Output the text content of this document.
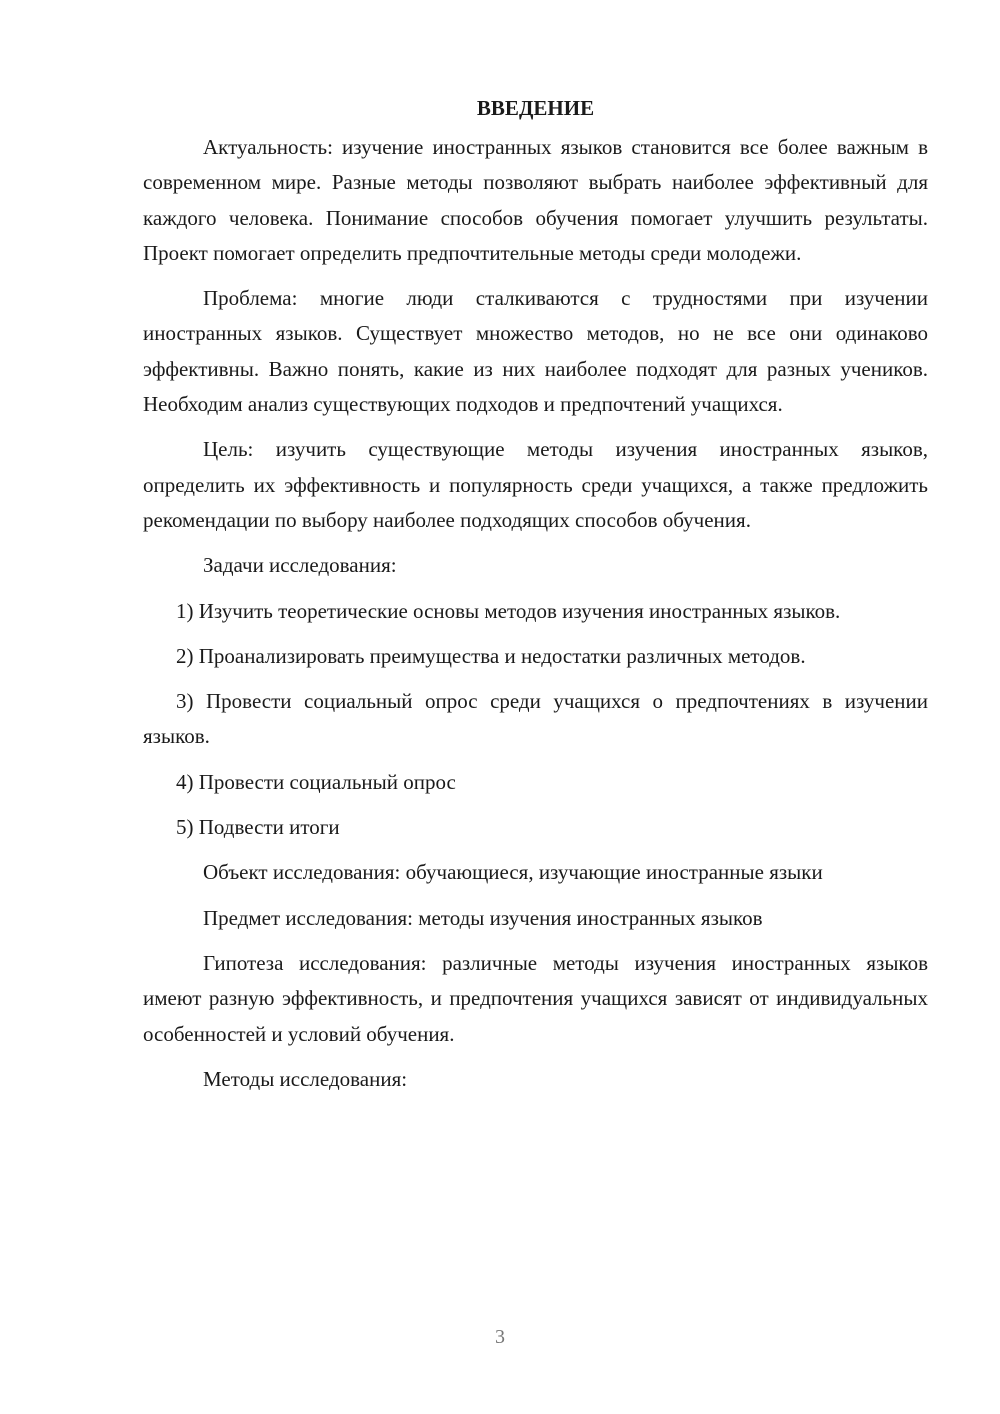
ВВЕДЕНИЕ

Актуальность: изучение иностранных языков становится все более важным в современном мире. Разные методы позволяют выбрать наиболее эффективный для каждого человека. Понимание способов обучения помогает улучшить результаты. Проект помогает определить предпочтительные методы среди молодежи.

Проблема: многие люди сталкиваются с трудностями при изучении иностранных языков. Существует множество методов, но не все они одинаково эффективны. Важно понять, какие из них наиболее подходят для разных учеников. Необходим анализ существующих подходов и предпочтений учащихся.

Цель: изучить существующие методы изучения иностранных языков, определить их эффективность и популярность среди учащихся, а также предложить рекомендации по выбору наиболее подходящих способов обучения.

Задачи исследования:

1) Изучить теоретические основы методов изучения иностранных языков.

2) Проанализировать преимущества и недостатки различных методов.

3) Провести социальный опрос среди учащихся о предпочтениях в изучении языков.

4) Провести социальный опрос

5) Подвести итоги

Объект исследования: обучающиеся, изучающие иностранные языки

Предмет исследования: методы изучения иностранных языков

Гипотеза исследования: различные методы изучения иностранных языков имеют разную эффективность, и предпочтения учащихся зависят от индивидуальных особенностей и условий обучения.

Методы исследования:

3
